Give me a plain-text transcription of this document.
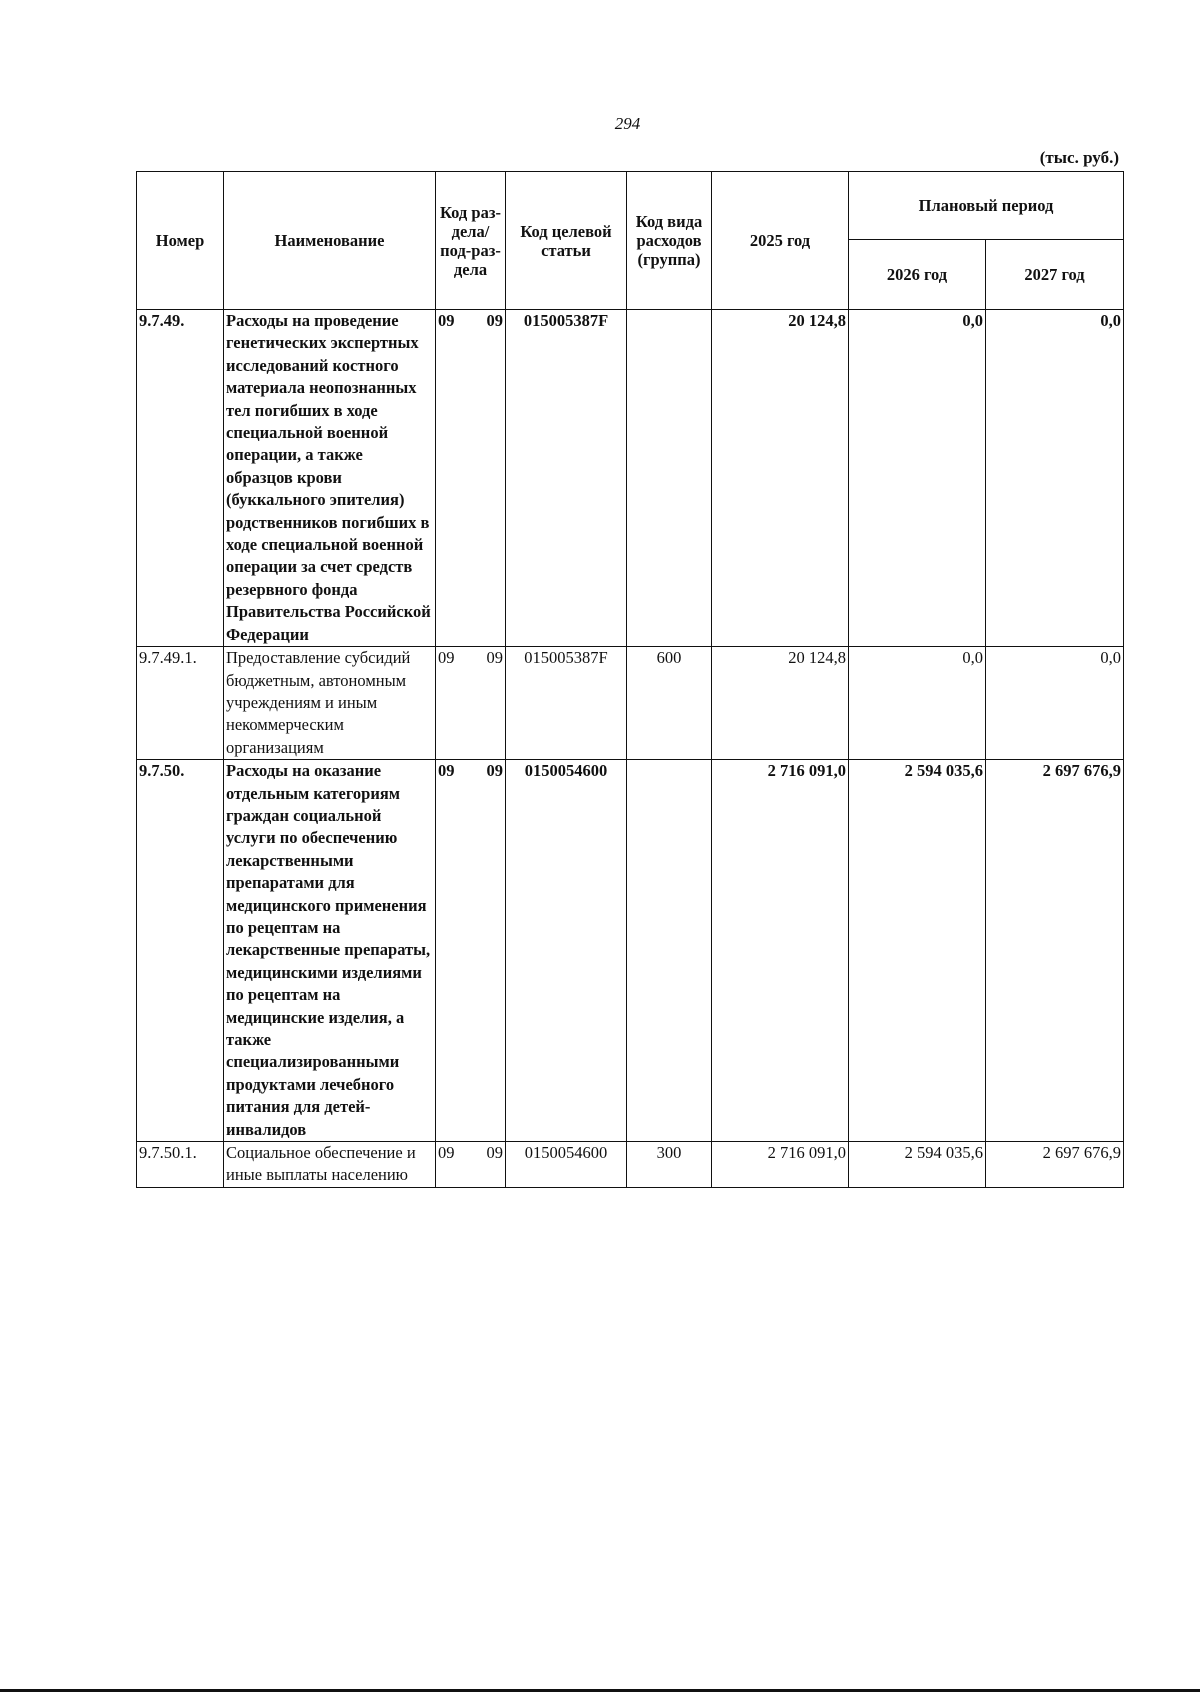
294
(тыс. руб.)
Номер	Наименование	Код раз-дела/ под-раз-дела	Код целевой статьи	Код вида расходов (группа)	2025 год	Плановый период	
						2026 год	2027 год
9.7.49.	Расходы на проведение генетических экспертных исследований костного материала неопознанных тел погибших в ходе специальной военной операции, а также образцов крови (буккального эпителия) родственников погибших в ходе специальной военной операции за счет средств резервного фонда Правительства Российской Федерации	09 09	015005387F		20 124,8	0,0	0,0
9.7.49.1.	Предоставление субсидий бюджетным, автономным учреждениям и иным некоммерческим организациям	09 09	015005387F	600	20 124,8	0,0	0,0
9.7.50.	Расходы на оказание отдельным категориям граждан социальной услуги по обеспечению лекарственными препаратами для медицинского применения по рецептам на лекарственные препараты, медицинскими изделиями по рецептам на медицинские изделия, а также специализированными продуктами лечебного питания для детей-инвалидов	09 09	0150054600		2 716 091,0	2 594 035,6	2 697 676,9
9.7.50.1.	Социальное обеспечение и иные выплаты населению	09 09	0150054600	300	2 716 091,0	2 594 035,6	2 697 676,9
